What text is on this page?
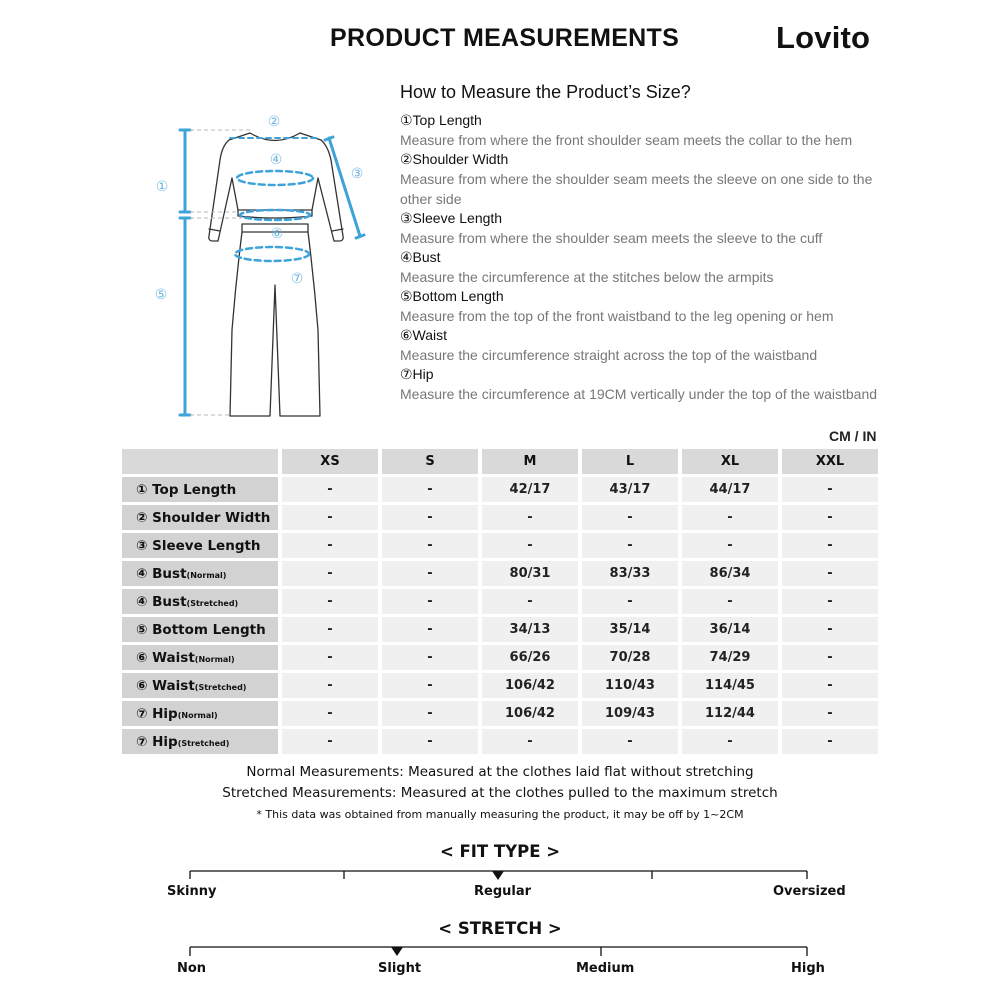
PRODUCT MEASUREMENTS	Lovito
②
④
③
①
⑥
⑦
⑤
How to Measure the Product’s Size?
①Top Length
Measure from where the front shoulder seam meets the collar to the hem
②Shoulder Width
Measure from where the shoulder seam meets the sleeve on one side to the other side
③Sleeve Length
Measure from where the shoulder seam meets the sleeve to the cuff
④Bust
Measure the circumference at the stitches below the armpits
⑤Bottom Length
Measure from the top of the front waistband to the leg opening or hem
⑥Waist
Measure the circumference straight across the top of the waistband
⑦Hip
Measure the circumference at 19CM vertically under the top of the waistband
CM / IN
	XS	S	M	L	XL	XXL
① Top Length	-	-	42/17	43/17	44/17	-
② Shoulder Width	-	-	-	-	-	-
③ Sleeve Length	-	-	-	-	-	-
④ Bust(Normal)	-	-	80/31	83/33	86/34	-
④ Bust(Stretched)	-	-	-	-	-	-
⑤ Bottom Length	-	-	34/13	35/14	36/14	-
⑥ Waist(Normal)	-	-	66/26	70/28	74/29	-
⑥ Waist(Stretched)	-	-	106/42	110/43	114/45	-
⑦ Hip(Normal)	-	-	106/42	109/43	112/44	-
⑦ Hip(Stretched)	-	-	-	-	-	-
Normal Measurements: Measured at the clothes laid flat without stretching
Stretched Measurements: Measured at the clothes pulled to the maximum stretch
* This data was obtained from manually measuring the product, it may be off by 1~2CM
< FIT TYPE >
Skinny	Regular	Oversized
< STRETCH >
Non	Slight	Medium	High
